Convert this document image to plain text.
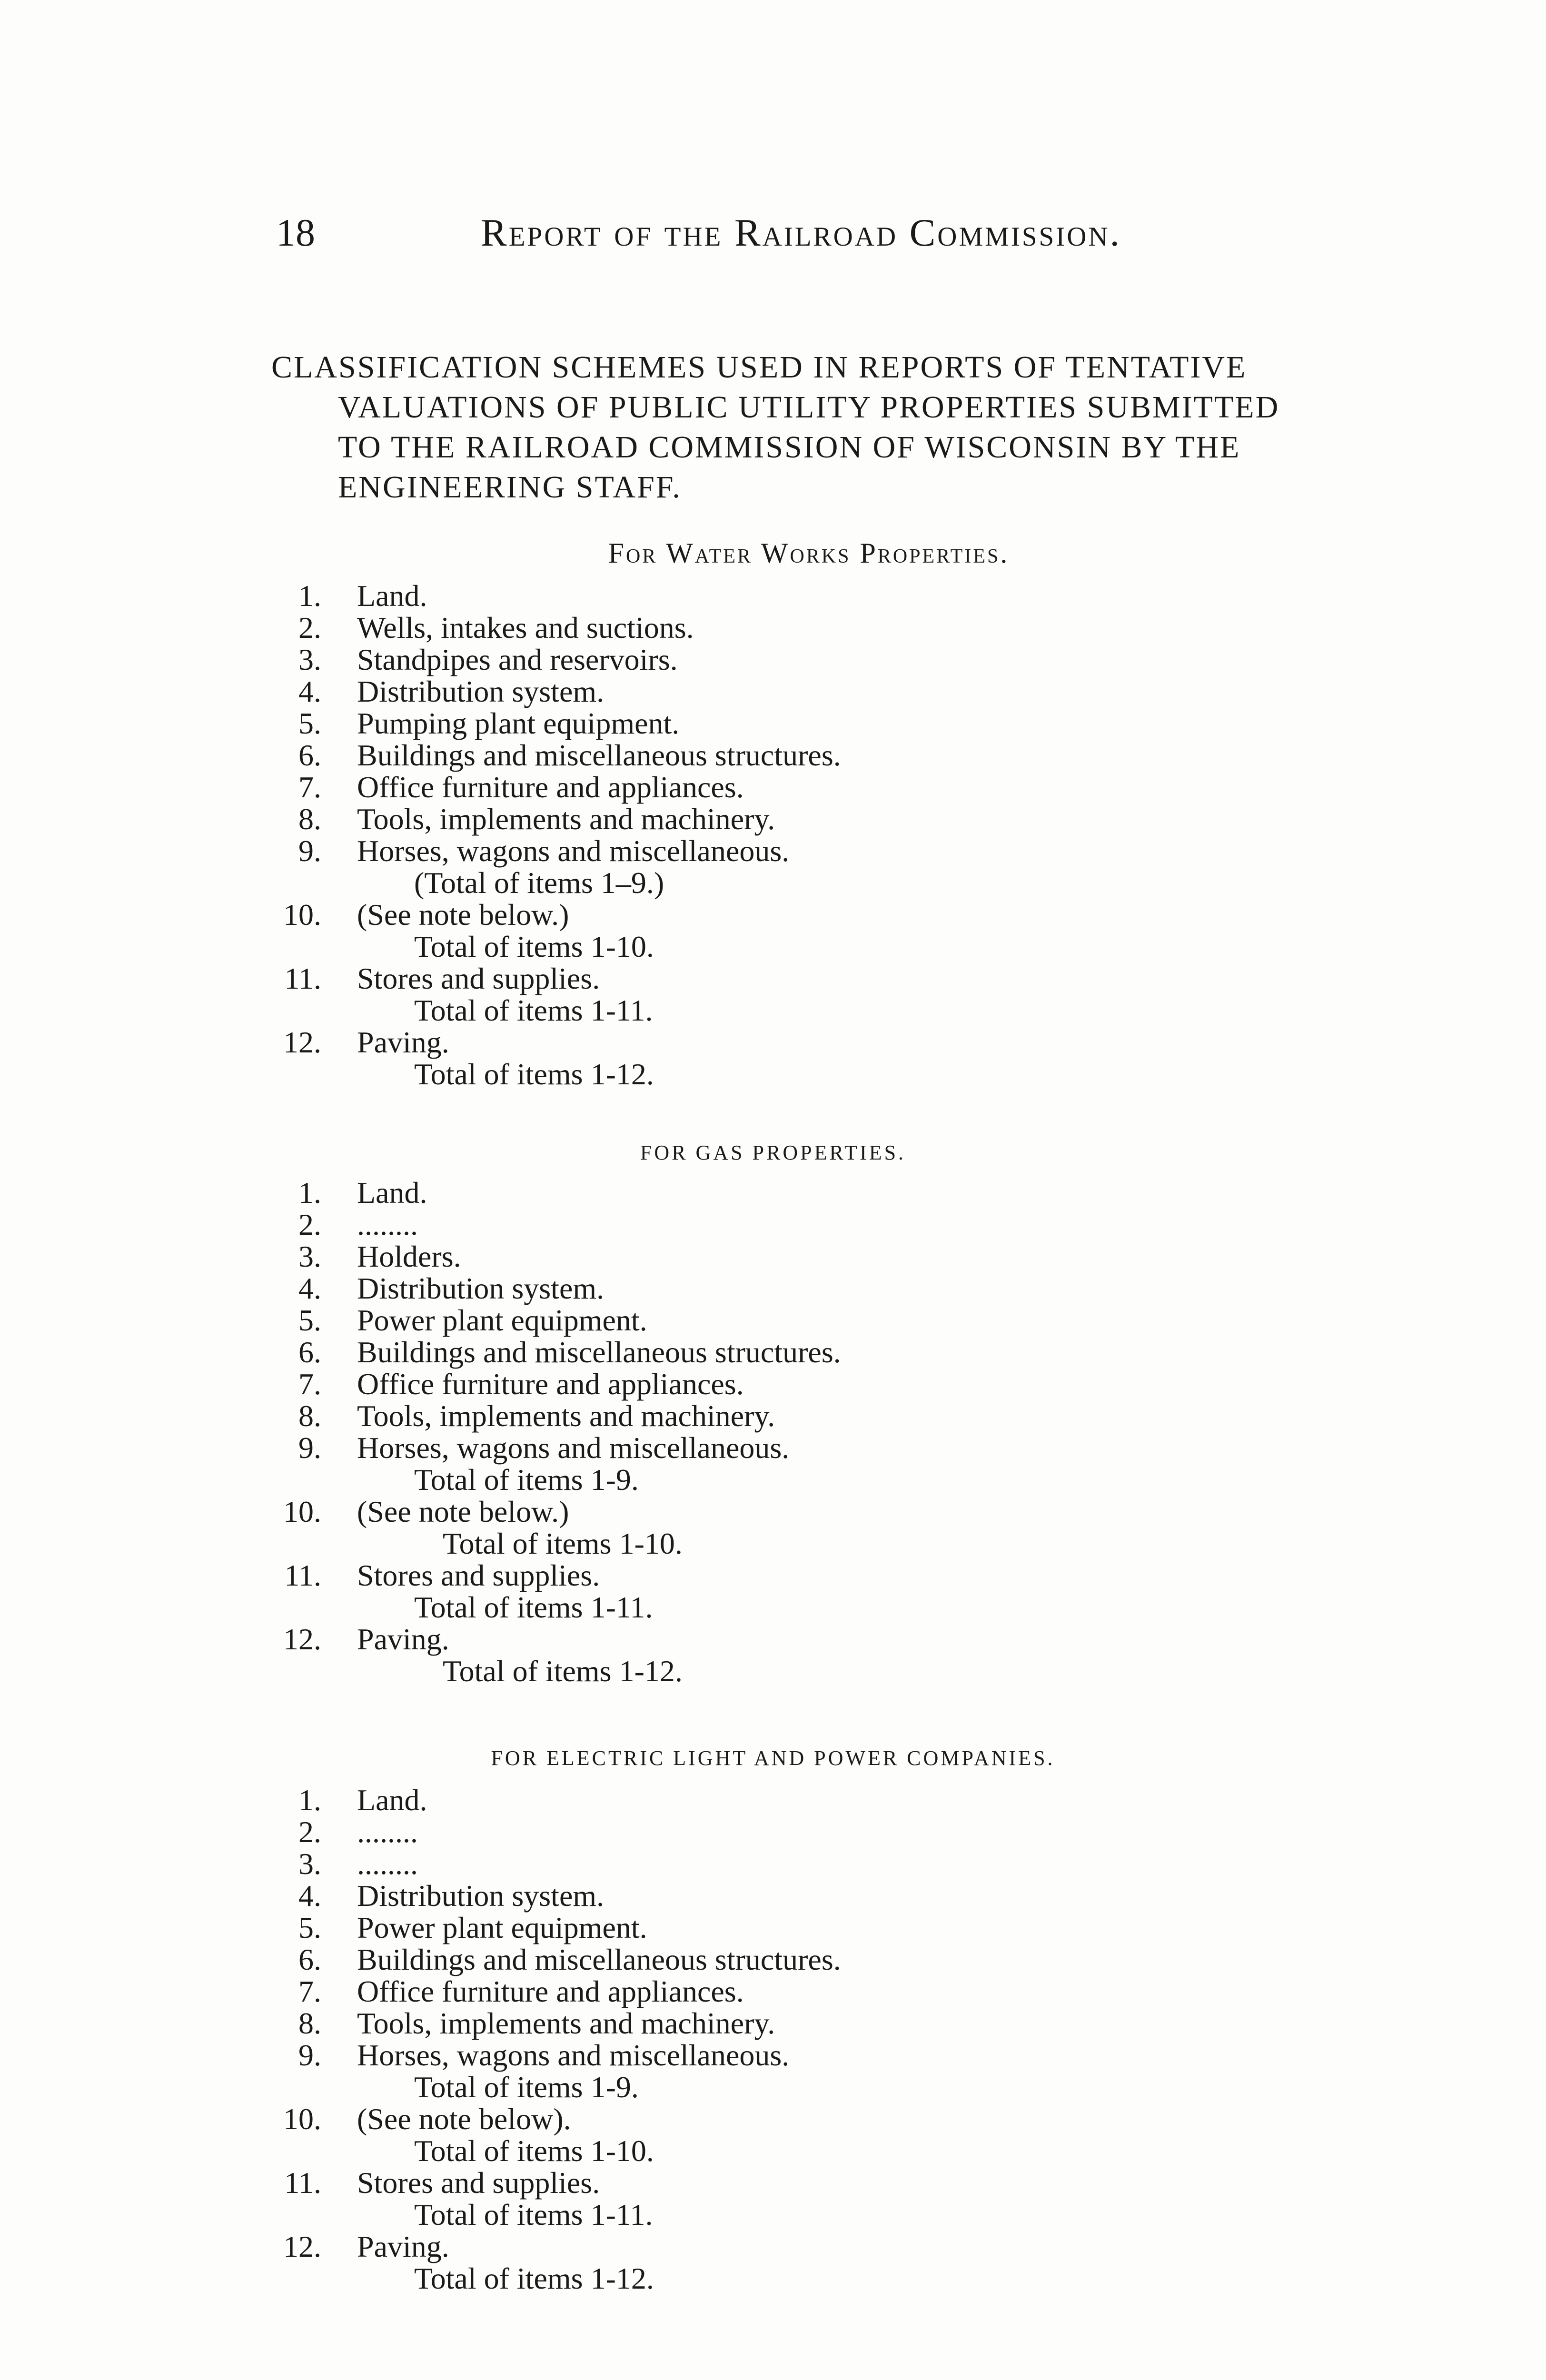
18	Report of the Railroad Commission.
CLASSIFICATION SCHEMES USED IN REPORTS OF TENTATIVE
VALUATIONS OF PUBLIC UTILITY PROPERTIES SUBMITTED
TO THE RAILROAD COMMISSION OF WISCONSIN BY THE
ENGINEERING STAFF.
For Water Works Properties.
1. Land.
2. Wells, intakes and suctions.
3. Standpipes and reservoirs.
4. Distribution system.
5. Pumping plant equipment.
6. Buildings and miscellaneous structures.
7. Office furniture and appliances.
8. Tools, implements and machinery.
9. Horses, wagons and miscellaneous.
(Total of items 1–9.)
10. (See note below.)
Total of items 1-10.
11. Stores and supplies.
Total of items 1-11.
12. Paving.
Total of items 1-12.
FOR GAS PROPERTIES.
1. Land.
2. ........
3. Holders.
4. Distribution system.
5. Power plant equipment.
6. Buildings and miscellaneous structures.
7. Office furniture and appliances.
8. Tools, implements and machinery.
9. Horses, wagons and miscellaneous.
Total of items 1-9.
10. (See note below.)
Total of items 1-10.
11. Stores and supplies.
Total of items 1-11.
12. Paving.
Total of items 1-12.
FOR ELECTRIC LIGHT AND POWER COMPANIES.
1. Land.
2. ........
3. ........
4. Distribution system.
5. Power plant equipment.
6. Buildings and miscellaneous structures.
7. Office furniture and appliances.
8. Tools, implements and machinery.
9. Horses, wagons and miscellaneous.
Total of items 1-9.
10. (See note below).
Total of items 1-10.
11. Stores and supplies.
Total of items 1-11.
12. Paving.
Total of items 1-12.
